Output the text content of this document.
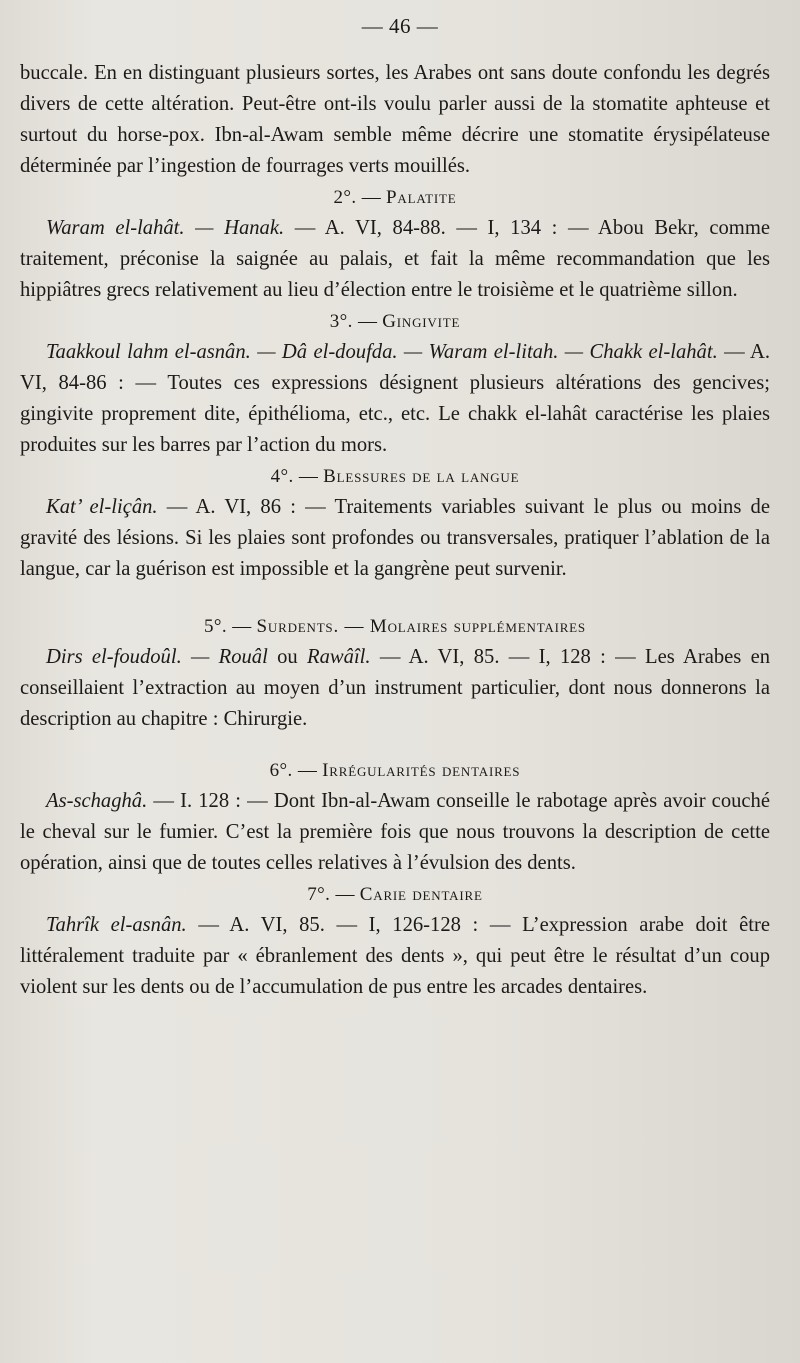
— 46 —

buccale. En en distinguant plusieurs sortes, les Arabes ont sans doute confondu les degrés divers de cette altération. Peut-être ont-ils voulu parler aussi de la stomatite aphteuse et surtout du horse-pox. Ibn-al-Awam semble même décrire une stomatite érysipélateuse déterminée par l’ingestion de fourrages verts mouillés.

2°. — Palatite

Waram el-lahât. — Hanak. — A. VI, 84-88. — I, 134 : — Abou Bekr, comme traitement, préconise la saignée au palais, et fait la même recommandation que les hippiâtres grecs relativement au lieu d’élection entre le troisième et le quatrième sillon.

3°. — Gingivite

Taakkoul lahm el-asnân. — Dâ el-doufda. — Waram el-litah. — Chakk el-lahât. — A. VI, 84-86 : — Toutes ces expressions désignent plusieurs altérations des gencives; gingivite proprement dite, épithélioma, etc., etc. Le chakk el-lahât caractérise les plaies produites sur les barres par l’action du mors.

4°. — Blessures de la langue

Kat’ el-liçân. — A. VI, 86 : — Traitements variables suivant le plus ou moins de gravité des lésions. Si les plaies sont profondes ou transversales, pratiquer l’ablation de la langue, car la guérison est impossible et la gangrène peut survenir.

5°. — Surdents. — Molaires supplémentaires

Dirs el-foudoûl. — Rouâl ou Rawâîl. — A. VI, 85. — I, 128 : — Les Arabes en conseillaient l’extraction au moyen d’un instrument particulier, dont nous donnerons la description au chapitre : Chirurgie.

6°. — Irrégularités dentaires

As-schaghâ. — I. 128 : — Dont Ibn-al-Awam conseille le rabotage après avoir couché le cheval sur le fumier. C’est la première fois que nous trouvons la description de cette opération, ainsi que de toutes celles relatives à l’évulsion des dents.

7°. — Carie dentaire

Tahrîk el-asnân. — A. VI, 85. — I, 126-128 : — L’expression arabe doit être littéralement traduite par « ébranlement des dents », qui peut être le résultat d’un coup violent sur les dents ou de l’accumulation de pus entre les arcades dentaires.
